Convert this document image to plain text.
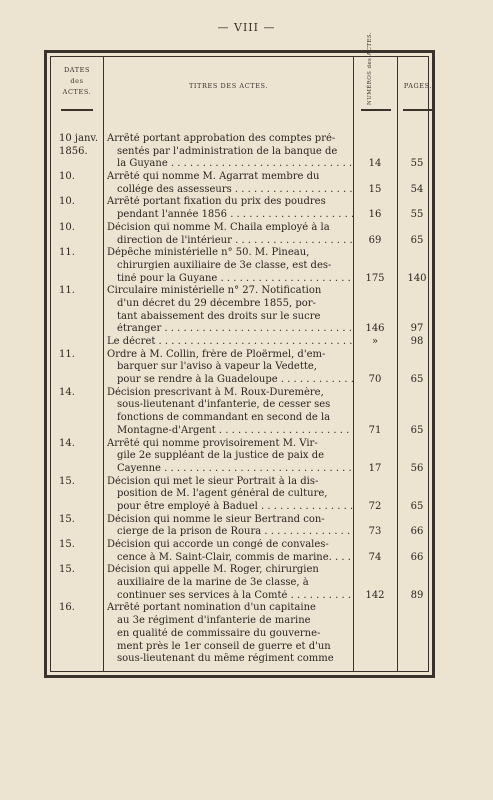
— VIII —
DATES
des
ACTES.
TITRES DES ACTES.	NUMÉROS des ACTES.	PAGES.
10 janv. Arrêté portant approbation des comptes pré-
1856.	sentés par l'administration de la banque de
la Guyane . . .	14	55
10.	Arrêté qui nomme M. Agarrat membre du
collége des assesseurs . . .	15	54
10.	Arrêté portant fixation du prix des poudres
pendant l'année 1856 . . .	16	55
10.	Décision qui nomme M. Chaila employé à la
direction de l'intérieur . . .	69	65
11.	Dépêche ministérielle n° 50. M. Pineau,
chirurgien auxiliaire de 3e classe, est des-
tiné pour la Guyane . . .	175	140
11.	Circulaire ministérielle n° 27. Notification
d'un décret du 29 décembre 1855, por-
tant abaissement des droits sur le sucre
étranger . . .	146	97
Le décret . . .	»	98
11.	Ordre à M. Collin, frère de Ploërmel, d'em-
barquer sur l'aviso à vapeur la Vedette,
pour se rendre à la Guadeloupe . . .	70	65
14.	Décision prescrivant à M. Roux-Duremère,
sous-lieutenant d'infanterie, de cesser ses
fonctions de commandant en second de la
Montagne-d'Argent . . .	71	65
14.	Arrêté qui nomme provisoirement M. Vir-
gile 2e suppléant de la justice de paix de
Cayenne . . .	17	56
15.	Décision qui met le sieur Portrait à la dis-
position de M. l'agent général de culture,
pour être employé à Baduel . . .	72	65
15.	Décision qui nomme le sieur Bertrand con-
cierge de la prison de Roura . . .	73	66
15.	Décision qui accorde un congé de convales-
cence à M. Saint-Clair, commis de marine. . . .	74	66
15.	Décision qui appelle M. Roger, chirurgien
auxiliaire de la marine de 3e classe, à
continuer ses services à la Comté . . .	142	89
16.	Arrêté portant nomination d'un capitaine
au 3e régiment d'infanterie de marine
en qualité de commissaire du gouverne-
ment près le 1er conseil de guerre et d'un
sous-lieutenant du même régiment comme
